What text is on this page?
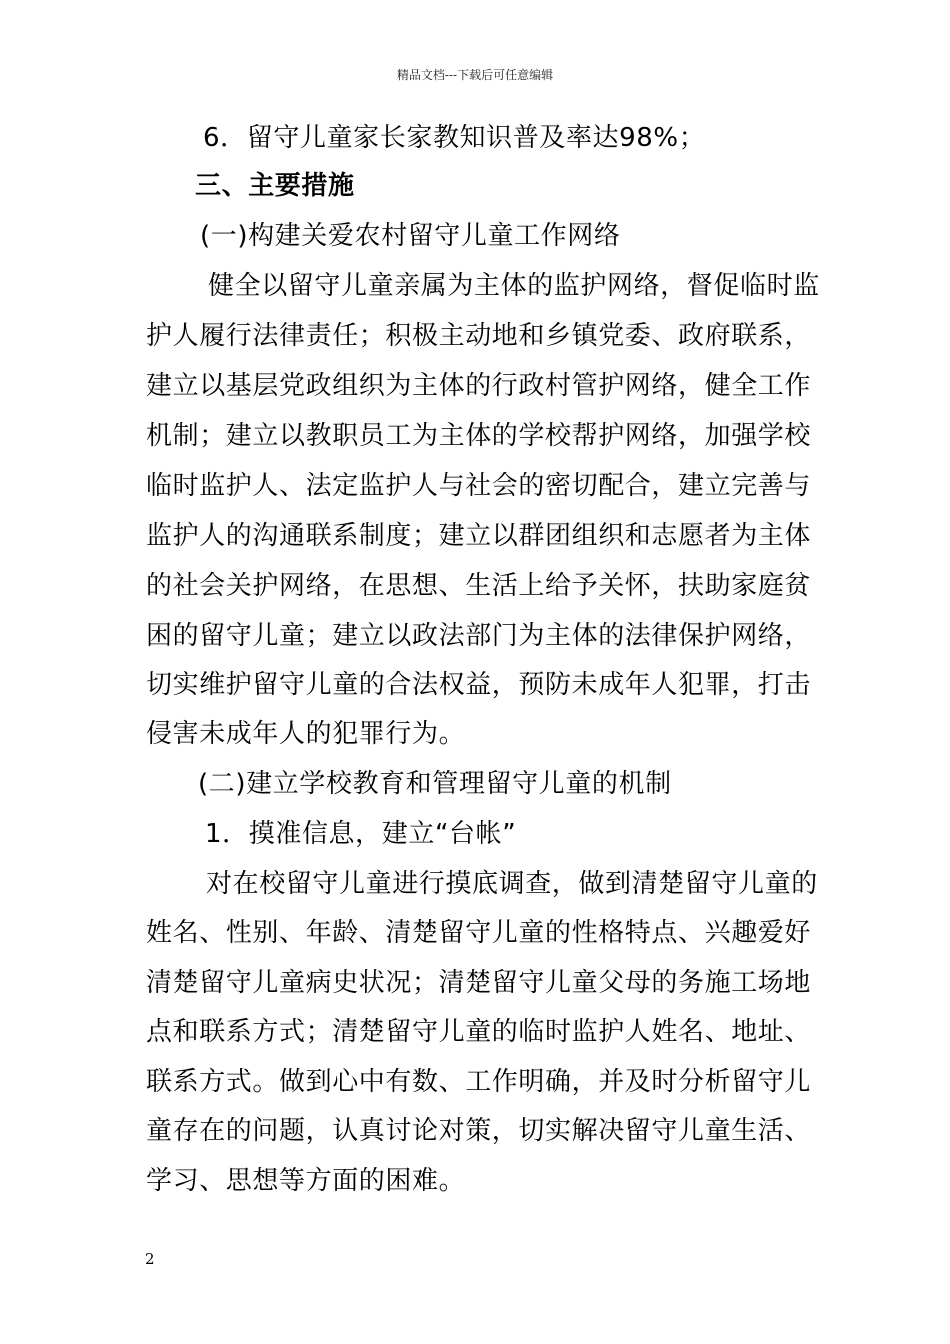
精品文档---下载后可任意编辑

6．留守儿童家长家教知识普及率达98%；

三、主要措施

(一)构建关爱农村留守儿童工作网络

健全以留守儿童亲属为主体的监护网络，督促临时监

护人履行法律责任；积极主动地和乡镇党委、政府联系，

建立以基层党政组织为主体的行政村管护网络，健全工作

机制；建立以教职员工为主体的学校帮护网络，加强学校

临时监护人、法定监护人与社会的密切配合，建立完善与

监护人的沟通联系制度；建立以群团组织和志愿者为主体

的社会关护网络，在思想、生活上给予关怀，扶助家庭贫

困的留守儿童；建立以政法部门为主体的法律保护网络，

切实维护留守儿童的合法权益，预防未成年人犯罪，打击

侵害未成年人的犯罪行为。

(二)建立学校教育和管理留守儿童的机制

1．摸准信息，建立“台帐”

对在校留守儿童进行摸底调查，做到清楚留守儿童的

姓名、性别、年龄、清楚留守儿童的性格特点、兴趣爱好

清楚留守儿童病史状况；清楚留守儿童父母的务施工场地

点和联系方式；清楚留守儿童的临时监护人姓名、地址、

联系方式。做到心中有数、工作明确，并及时分析留守儿

童存在的问题，认真讨论对策，切实解决留守儿童生活、

学习、思想等方面的困难。

2
